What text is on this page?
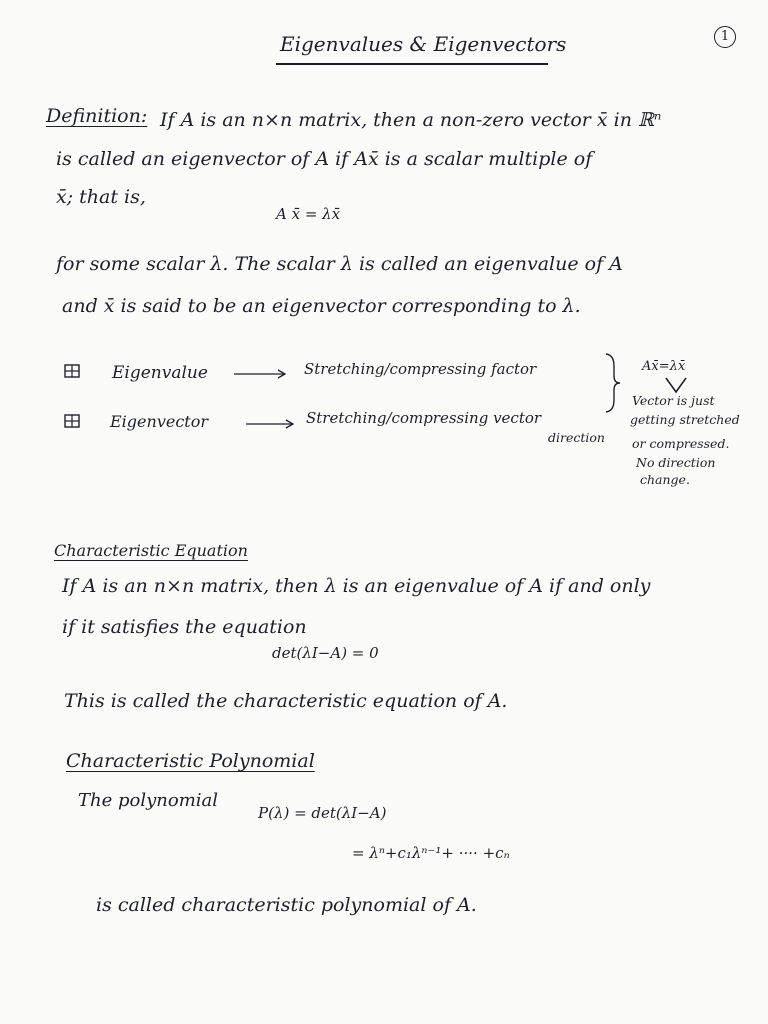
Eigenvalues & Eigenvectors	1
Definition: If A is an n×n matrix, then a non-zero vector x̄ in ℝⁿ
is called an eigenvector of A if Ax̄ is a scalar multiple of
x̄; that is,
A x̄ = λx̄
for some scalar λ. The scalar λ is called an eigenvalue of A
and x̄ is said to be an eigenvector corresponding to λ.
Eigenvalue	Stretching/compressing factor
Eigenvector	Stretching/compressing vector
direction
Ax̄=λx̄
Vector is just
getting stretched
or compressed.
No direction
change.
Characteristic Equation
If A is an n×n matrix, then λ is an eigenvalue of A if and only
if it satisfies the equation
det(λI−A) = 0
This is called the characteristic equation of A.
Characteristic Polynomial
The polynomial
P(λ) = det(λI−A)
= λⁿ+c₁λⁿ⁻¹+ ···· +cₙ
is called characteristic polynomial of A.
